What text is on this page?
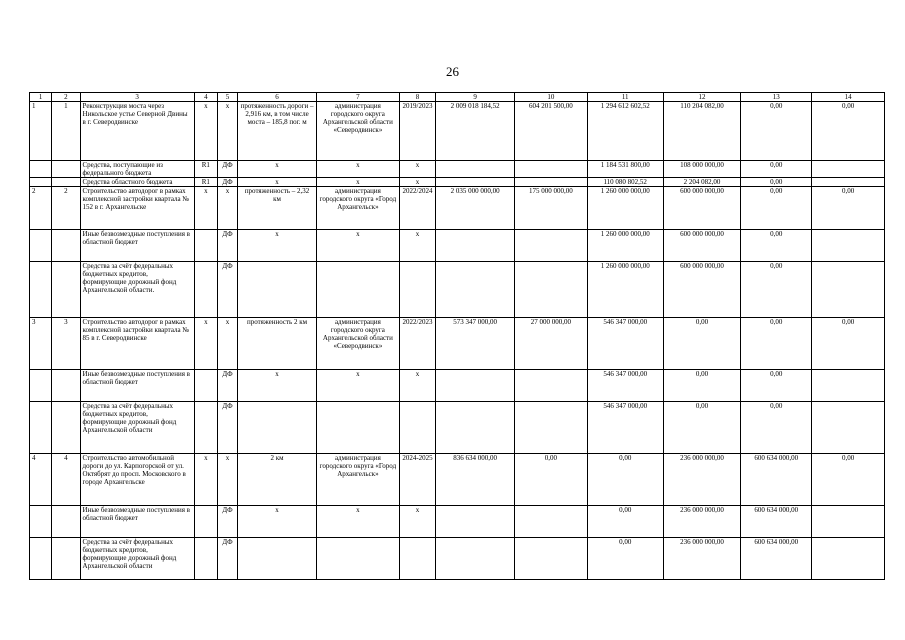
26
1	2	3	4	5	6	7	8	9	10	11	12	13	14
1	1	Реконструкция моста через Никольское устье Северной Двины в г. Северодвинске	х	х	протяженность дороги – 2,916 км, в том числе моста – 185,8 пог. м	администрация городского округа Архангельской области «Северодвинск»	2019/2023	2 009 018 184,52	604 201 500,00	1 294 612 602,52	110 204 082,00	0,00	0,00
		Средства, поступающие из федерального бюджета	R1	ДФ	х	х	х			1 184 531 800,00	108 000 000,00	0,00	
		Средства областного бюджета	R1	ДФ	х	х	х			110 080 802,52	2 204 082,00	0,00	
2	2	Строительство автодорог в рамках комплексной застройки квартала № 152 в г. Архангельске	х	х	протяженность – 2,32 км	администрация городского округа «Город Архангельск»	2022/2024	2 035 000 000,00	175 000 000,00	1 260 000 000,00	600 000 000,00	0,00	0,00
		Иные безвозмездные поступления в областной бюджет		ДФ	х	х	х			1 260 000 000,00	600 000 000,00	0,00	
		Средства за счёт федеральных бюджетных кредитов, формирующие дорожный фонд Архангельской области.		ДФ						1 260 000 000,00	600 000 000,00	0,00	
3	3	Строительство автодорог в рамках комплексной застройки квартала № 85 в г. Северодвинске	х	х	протяженность 2 км	администрация городского округа Архангельской области «Северодвинск»	2022/2023	573 347 000,00	27 000 000,00	546 347 000,00	0,00	0,00	0,00
		Иные безвозмездные поступления в областной бюджет		ДФ	х	х	х			546 347 000,00	0,00	0,00	
		Средства за счёт федеральных бюджетных кредитов, формирующие дорожный фонд Архангельской области		ДФ						546 347 000,00	0,00	0,00	
4	4	Строительство автомобильной дороги до ул. Карпогорской от ул. Октябрят до просп. Московского в городе Архангельске	х	х	2 км	администрация городского округа «Город Архангельск»	2024-2025	836 634 000,00	0,00	0,00	236 000 000,00	600 634 000,00	0,00
		Иные безвозмездные поступления в областной бюджет		ДФ	х	х	х			0,00	236 000 000,00	600 634 000,00	
		Средства за счёт федеральных бюджетных кредитов, формирующие дорожный фонд Архангельской области		ДФ						0,00	236 000 000,00	600 634 000,00	
